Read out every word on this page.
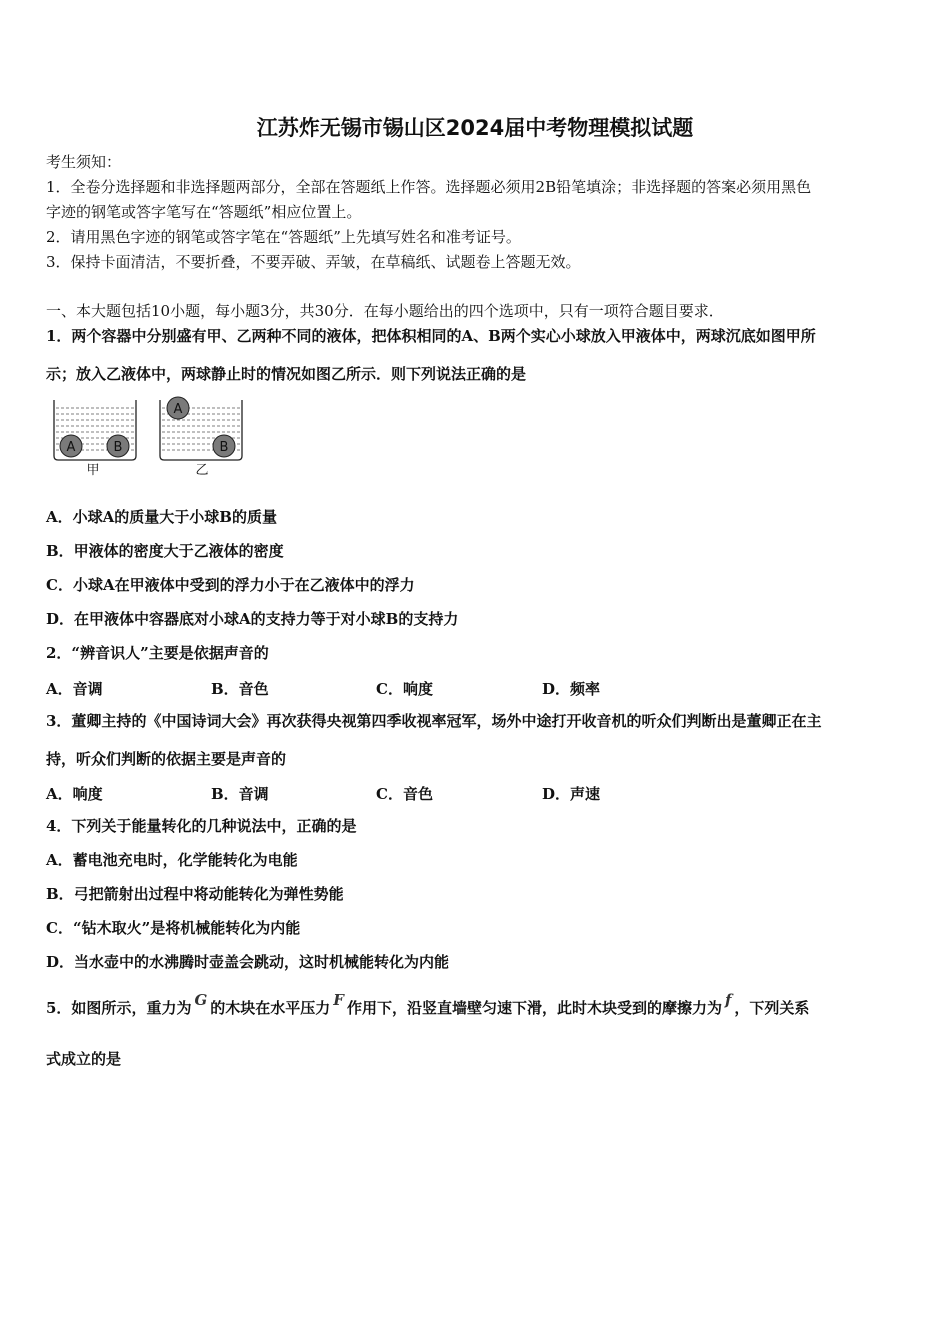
江苏炸无锡市锡山区2024届中考物理模拟试题
考生须知：
1．全卷分选择题和非选择题两部分，全部在答题纸上作答。选择题必须用2B铅笔填涂；非选择题的答案必须用黑色
字迹的钢笔或答字笔写在“答题纸”相应位置上。
2．请用黑色字迹的钢笔或答字笔在“答题纸”上先填写姓名和准考证号。
3．保持卡面清洁，不要折叠，不要弄破、弄皱，在草稿纸、试题卷上答题无效。
一、本大题包括10小题，每小题3分，共30分．在每小题给出的四个选项中，只有一项符合题目要求．
1．两个容器中分别盛有甲、乙两种不同的液体，把体积相同的A、B两个实心小球放入甲液体中，两球沉底如图甲所
示；放入乙液体中，两球静止时的情况如图乙所示．则下列说法正确的是
A	B
甲
A
B
乙
A．小球A的质量大于小球B的质量
B．甲液体的密度大于乙液体的密度
C．小球A在甲液体中受到的浮力小于在乙液体中的浮力
D．在甲液体中容器底对小球A的支持力等于对小球B的支持力
2．“辨音识人”主要是依据声音的
A．音调	B．音色	C．响度	D．频率
3．董卿主持的《中国诗词大会》再次获得央视第四季收视率冠军，场外中途打开收音机的听众们判断出是董卿正在主
持，听众们判断的依据主要是声音的
A．响度	B．音调	C．音色	D．声速
4．下列关于能量转化的几种说法中，正确的是
A．蓄电池充电时，化学能转化为电能
B．弓把箭射出过程中将动能转化为弹性势能
C．“钻木取火”是将机械能转化为内能
D．当水壶中的水沸腾时壶盖会跳动，这时机械能转化为内能
5．如图所示，重力为 G 的木块在水平压力 F 作用下，沿竖直墙壁匀速下滑，此时木块受到的摩擦力为 f ，下列关系
式成立的是
